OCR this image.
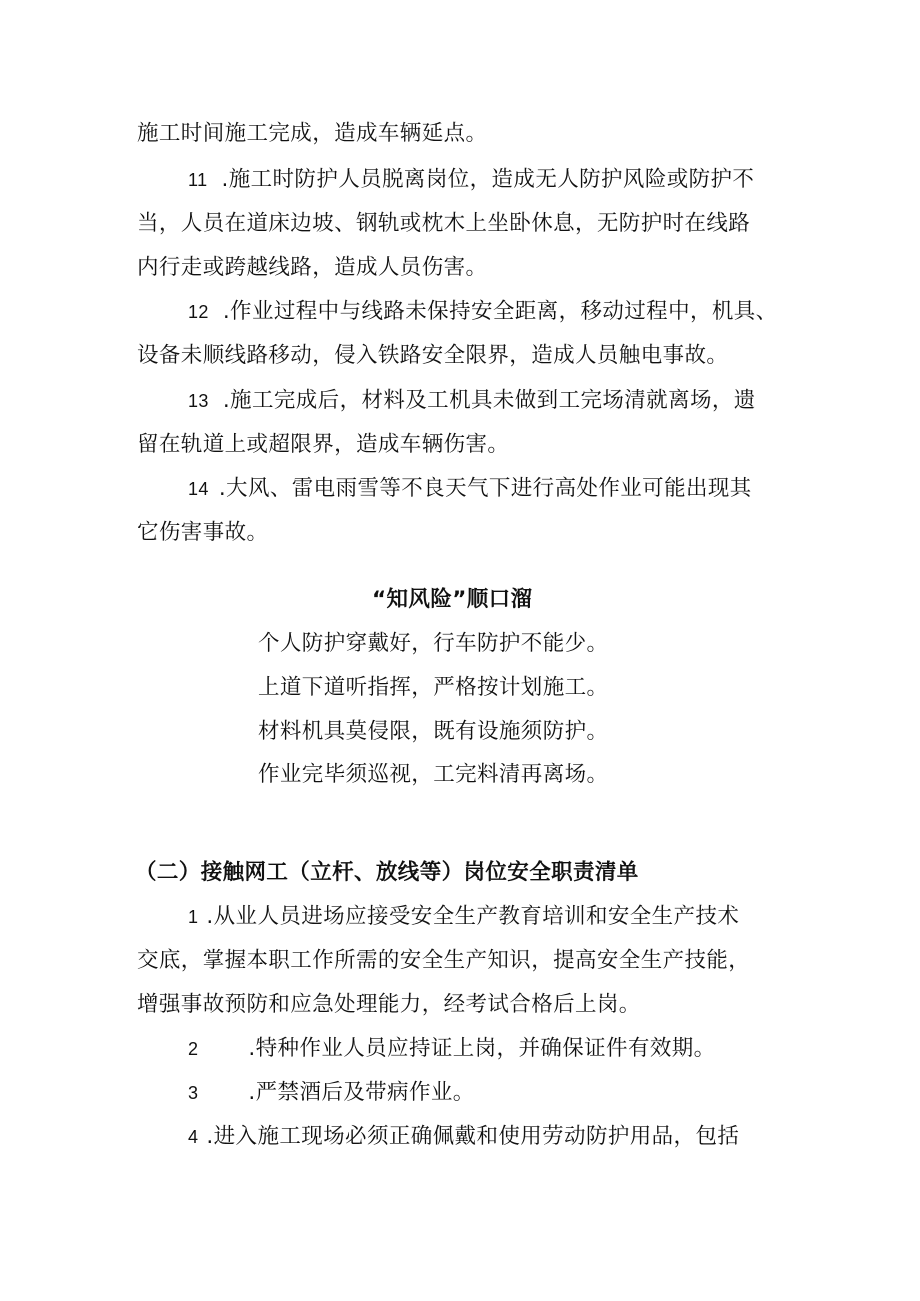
施工时间施工完成，造成车辆延点。
11 .施工时防护人员脱离岗位，造成无人防护风险或防护不
当，人员在道床边坡、钢轨或枕木上坐卧休息，无防护时在线路
内行走或跨越线路，造成人员伤害。
12 .作业过程中与线路未保持安全距离，移动过程中，机具、
设备未顺线路移动，侵入铁路安全限界，造成人员触电事故。
13 .施工完成后，材料及工机具未做到工完场清就离场，遗
留在轨道上或超限界，造成车辆伤害。
14 .大风、雷电雨雪等不良天气下进行高处作业可能出现其
它伤害事故。
“知风险”顺口溜
个人防护穿戴好，行车防护不能少。
上道下道听指挥，严格按计划施工。
材料机具莫侵限，既有设施须防护。
作业完毕须巡视，工完料清再离场。
（二）接触网工（立杆、放线等）岗位安全职责清单
1 .从业人员进场应接受安全生产教育培训和安全生产技术
交底，掌握本职工作所需的安全生产知识，提高安全生产技能，
增强事故预防和应急处理能力，经考试合格后上岗。
2 .特种作业人员应持证上岗，并确保证件有效期。
3 .严禁酒后及带病作业。
4 .进入施工现场必须正确佩戴和使用劳动防护用品，包括
